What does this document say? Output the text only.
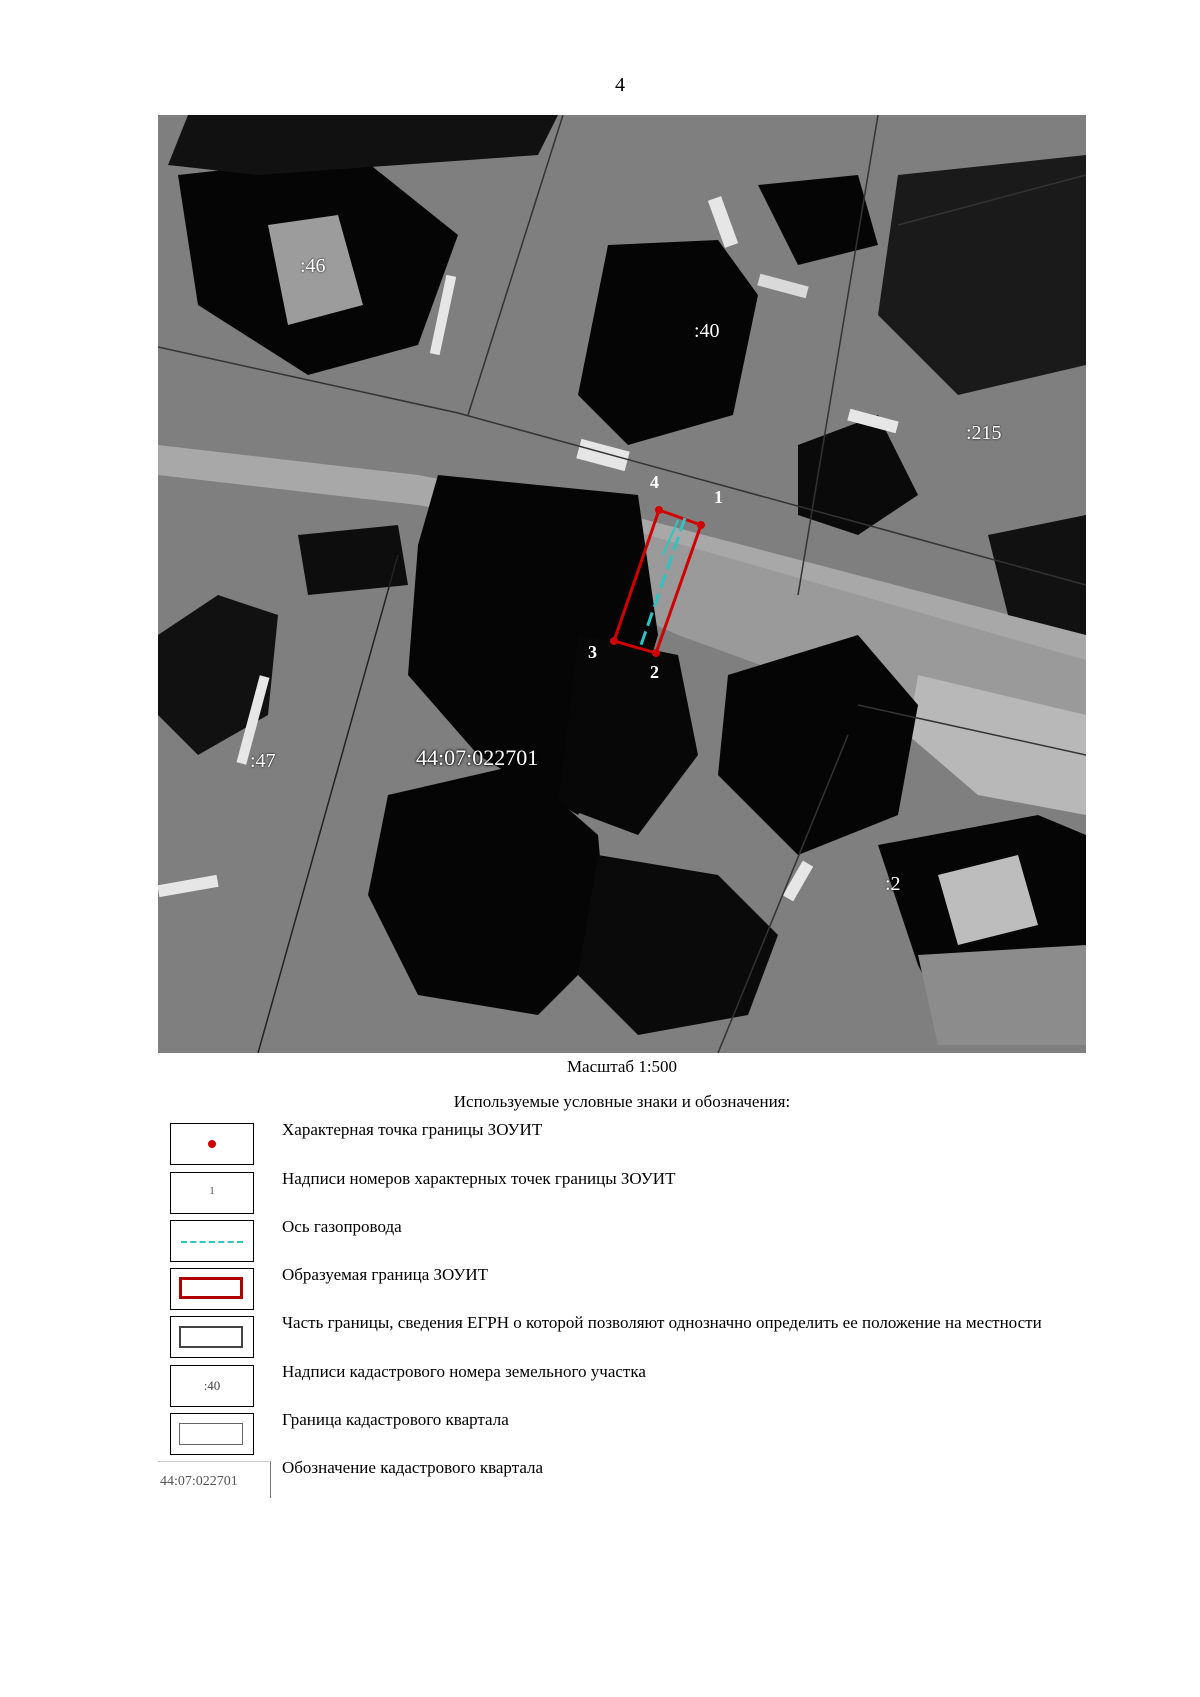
4
:46
:40
:215
:47
:2
1
2
3
4
44:07:022701
Масштаб 1:500
Используемые условные знаки и обозначения:
Характерная точка границы ЗОУИТ
1
Надписи номеров характерных точек границы ЗОУИТ
Ось газопровода
Образуемая граница ЗОУИТ
Часть границы, сведения ЕГРН о которой позволяют однозначно определить ее положение на местности
:40
Надписи кадастрового номера земельного участка
Граница кадастрового квартала
44:07:022701
Обозначение кадастрового квартала
